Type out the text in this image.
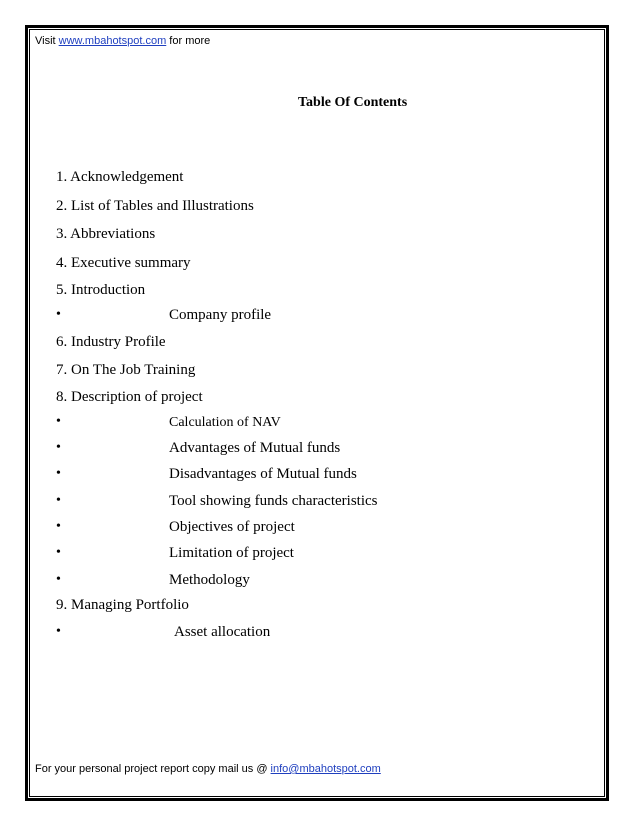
Visit www.mbahotspot.com for more
Table Of Contents
1. Acknowledgement
2. List of Tables and Illustrations
3. Abbreviations
4. Executive summary
5. Introduction
•	Company profile
6. Industry Profile
7. On The Job Training
8. Description of project
•	Calculation of NAV
•	Advantages of Mutual funds
•	Disadvantages of Mutual funds
•	Tool showing funds characteristics
•	Objectives of project
•	Limitation of project
•	Methodology
9. Managing Portfolio
•	Asset allocation
For your personal project report copy mail us @ info@mbahotspot.com
